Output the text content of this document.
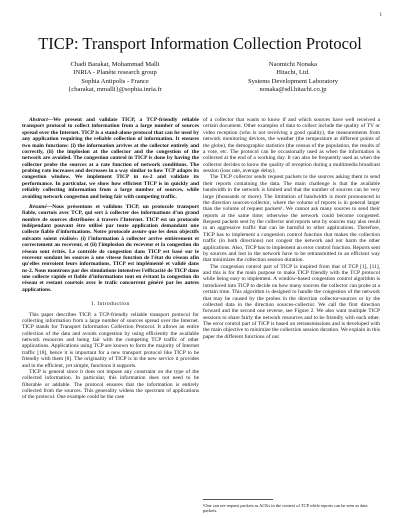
1
TICP: Transport Information Collection Protocol
Chadi Barakat, Mohammad Malli
INRIA - Planète research group
Sophia Antipolis - France
{cbarakat, mmalli}@sophia.inria.fr
Naomichi Nonaka
Hitachi, Ltd.
Systems Development Laboratory
nonaka@sdl.hitachi.co.jp

Abstract—We present and validate TICP, a TCP-friendly reliable transport protocol to collect information from a large number of sources spread over the Internet. TICP is a stand-alone protocol that can be used by any application requiring the reliable collection of information. It ensures two main functions: (i) the information arrives at the collector entirely and correctly, (ii) the implosion at the collector and the congestion of the network are avoided. The congestion control in TICP is done by having the collector probe the sources at a rate function of network conditions. The probing rate increases and decreases in a way similar to how TCP adapts its congestion window. We implement TICP in ns-2 and validate its performance. In particular, we show how efficient TICP is in quickly and reliably collecting information from a large number of sources, while avoiding network congestion and being fair with competing traffic.

Résumé—Nous présentons et validons TICP, un protocole transport fiable, courtois avec TCP, qui sert à collecter des informations d'un grand nombre de sources distribuées à travers l'Internet. TICP est un protocole indépendant pouvant être utilisé par toute application demandant une collecte fiable d'informations. Notre protocole assure que les deux objectifs suivants soient réalisés: (i) l'information à collecter arrive entièrement et correctement au receveur, et (ii) l'implosion du receveur et la congestion du réseau sont évités. Le contrôle de congestion dans TICP est basé sur le receveur sondant les sources à une vitesse fonction de l'état du réseau afin qu'elles renvoient leurs informations. TICP est implémenté et validé dans ns-2. Nous montrons par des simulations intensives l'efficacité de TICP dans une collecte rapide et fiable d'informations tout en évitant la congestion du réseau et restant courtois avec le trafic concurrent généré par les autres applications.

I. Introduction

This paper describes TICP, a TCP-friendly reliable transport protocol for collecting information from a large number of sources spread over the Internet. TICP stands for Transport Information Collection Protocol. It allows an entire collection of the data and avoids congestion by using efficiently the available network resources and being fair with the competing TCP traffic of other applications. Applications using TCP are known to form the majority of Internet traffic [18], hence it is important for a new transport protocol like TICP to be friendly with them [8]. The originality of TICP is in the new service it provides and in the efficient, yet simple, functions it supports.

TICP is general since it does not impose any constraint on the type of the collected information. In particular, this information does not need to be filterable or addable. The protocol ensures that the information is entirely collected from the sources. This generality widens the spectrum of applications of the protocol. One example could be the case

of a collector that wants to know if and which sources have well received a certain document. Other examples of data to collect include the quality of TV or video reception (who is not receiving a good quality), the measurements from network monitoring devices, the weather (the temperature at different points of the globe), the demographic statistics (the census of the population, the results of a vote, etc. The protocol can be occasionally used as when the information is collected at the end of a working day. It can also be frequently used as when the collector decides to know the quality of reception during a multimedia broadcast session (loss rate, average delay).

The TICP collector sends request packets to the sources asking them to send their reports containing the data. The main challenge is that the available bandwidth in the network is limited and that the number of sources can be very large (thousands or more). The limitation of bandwidth is more pronounced in the direction sources-collector, where the volume of reports is in general larger than the volume of request packets¹. We cannot ask many sources to send their reports at the same time; otherwise the network could become congested. Request packets sent by the collector and reports sent by sources may also result in an aggressive traffic that can be harmful to other applications. Therefore, TICP has to implement a congestion control function that makes the collection traffic (in both directions) not congest the network and not harm the other applications. Also, TICP has to implement an error control function. Reports sent by sources and lost in the network have to be retransmitted in an efficient way that minimizes the collection session duration.

The congestion control part of TICP is inspired from that of TCP [1], [11], and this is for the main purpose to make TICP friendly with the TCP protocol while being easy to implement. A window-based congestion control algorithm is introduced into TICP to decide on how many sources the collector can probe at a certain time. This algorithm is designed to handle the congestion of the network that may be caused by the probes in the direction collector-sources or by the collected data in the direction sources-collector. We call the first direction forward and the second one reverse, see Figure 2. We also want multiple TICP sessions to share fairly the network resources and to be friendly with each other. The error control part of TICP is based on retransmissions and is developed with the main objective to minimize the collection session duration. We explain in this paper the different functions of our

¹One can see request packets as ACKs in the context of TCP while reports can be seen as data packets.
